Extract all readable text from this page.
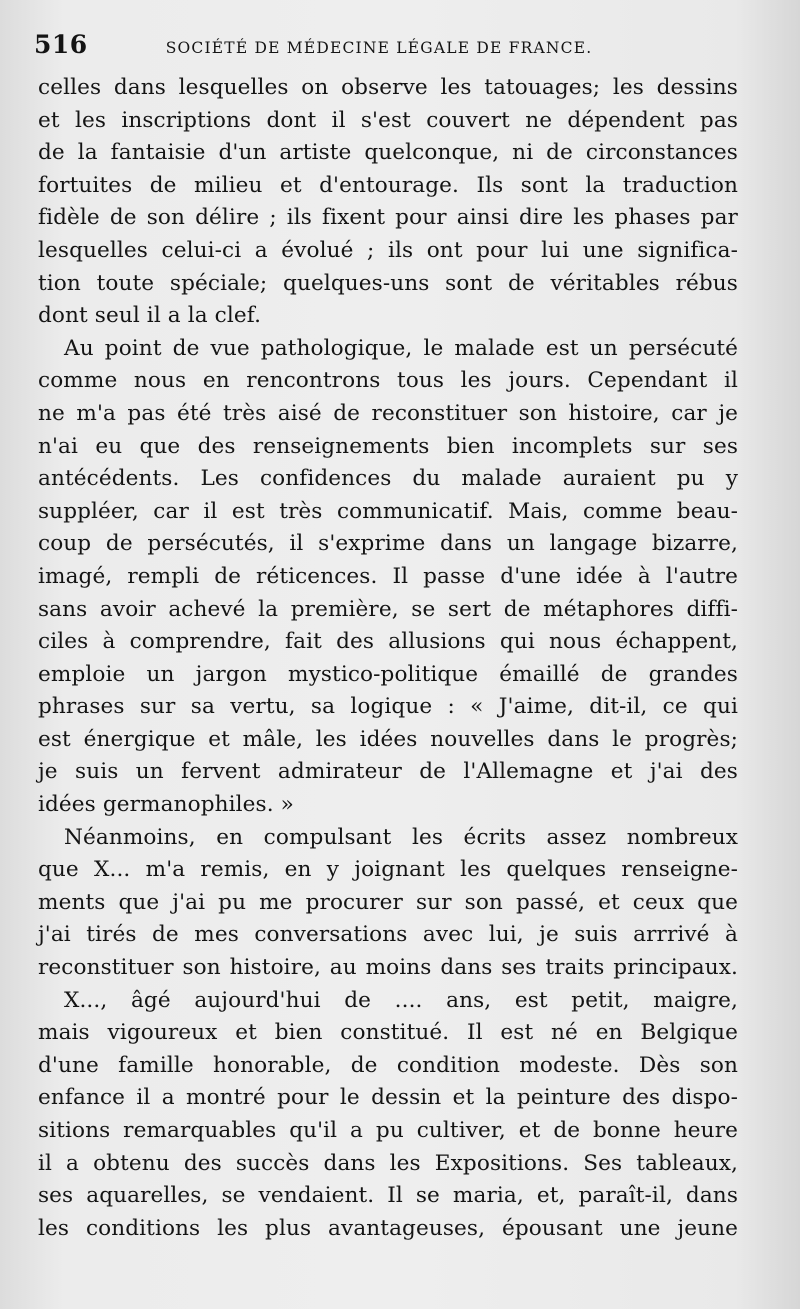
516	SOCIÉTÉ DE MÉDECINE LÉGALE DE FRANCE.
celles dans lesquelles on observe les tatouages; les dessins
et les inscriptions dont il s'est couvert ne dépendent pas
de la fantaisie d'un artiste quelconque, ni de circonstances
fortuites de milieu et d'entourage. Ils sont la traduction
fidèle de son délire ; ils fixent pour ainsi dire les phases par
lesquelles celui-ci a évolué ; ils ont pour lui une significa-
tion toute spéciale; quelques-uns sont de véritables rébus
dont seul il a la clef.
Au point de vue pathologique, le malade est un persécuté
comme nous en rencontrons tous les jours. Cependant il
ne m'a pas été très aisé de reconstituer son histoire, car je
n'ai eu que des renseignements bien incomplets sur ses
antécédents. Les confidences du malade auraient pu y
suppléer, car il est très communicatif. Mais, comme beau-
coup de persécutés, il s'exprime dans un langage bizarre,
imagé, rempli de réticences. Il passe d'une idée à l'autre
sans avoir achevé la première, se sert de métaphores diffi-
ciles à comprendre, fait des allusions qui nous échappent,
emploie un jargon mystico-politique émaillé de grandes
phrases sur sa vertu, sa logique : « J'aime, dit-il, ce qui
est énergique et mâle, les idées nouvelles dans le progrès;
je suis un fervent admirateur de l'Allemagne et j'ai des
idées germanophiles. »
Néanmoins, en compulsant les écrits assez nombreux
que X... m'a remis, en y joignant les quelques renseigne-
ments que j'ai pu me procurer sur son passé, et ceux que
j'ai tirés de mes conversations avec lui, je suis arrrivé à
reconstituer son histoire, au moins dans ses traits principaux.
X..., âgé aujourd'hui de .... ans, est petit, maigre,
mais vigoureux et bien constitué. Il est né en Belgique
d'une famille honorable, de condition modeste. Dès son
enfance il a montré pour le dessin et la peinture des dispo-
sitions remarquables qu'il a pu cultiver, et de bonne heure
il a obtenu des succès dans les Expositions. Ses tableaux,
ses aquarelles, se vendaient. Il se maria, et, paraît-il, dans
les conditions les plus avantageuses, épousant une jeune
